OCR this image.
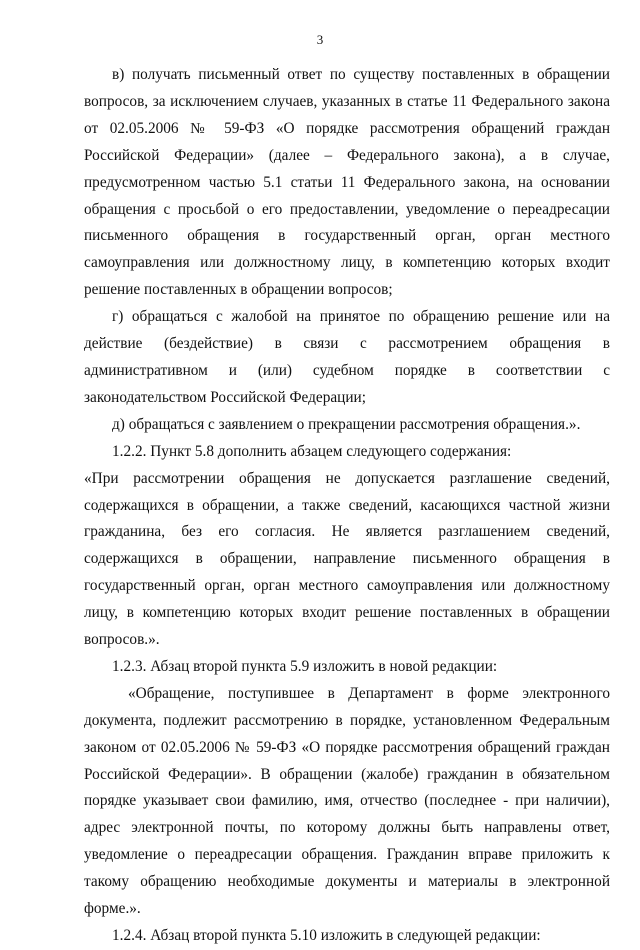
3

в) получать письменный ответ по существу поставленных в обращении вопросов, за исключением случаев, указанных в статье 11 Федерального закона от 02.05.2006 № 59-ФЗ «О порядке рассмотрения обращений граждан Российской Федерации» (далее – Федерального закона), а в случае, предусмотренном частью 5.1 статьи 11 Федерального закона, на основании обращения с просьбой о его предоставлении, уведомление о переадресации письменного обращения в государственный орган, орган местного самоуправления или должностному лицу, в компетенцию которых входит решение поставленных в обращении вопросов;

г) обращаться с жалобой на принятое по обращению решение или на действие (бездействие) в связи с рассмотрением обращения в административном и (или) судебном порядке в соответствии с законодательством Российской Федерации;

д) обращаться с заявлением о прекращении рассмотрения обращения.».

1.2.2. Пункт 5.8 дополнить абзацем следующего содержания:

«При рассмотрении обращения не допускается разглашение сведений, содержащихся в обращении, а также сведений, касающихся частной жизни гражданина, без его согласия. Не является разглашением сведений, содержащихся в обращении, направление письменного обращения в государственный орган, орган местного самоуправления или должностному лицу, в компетенцию которых входит решение поставленных в обращении вопросов.».

1.2.3. Абзац второй пункта 5.9 изложить в новой редакции:

«Обращение, поступившее в Департамент в форме электронного документа, подлежит рассмотрению в порядке, установленном Федеральным законом от 02.05.2006 № 59-ФЗ «О порядке рассмотрения обращений граждан Российской Федерации». В обращении (жалобе) гражданин в обязательном порядке указывает свои фамилию, имя, отчество (последнее - при наличии), адрес электронной почты, по которому должны быть направлены ответ, уведомление о переадресации обращения. Гражданин вправе приложить к такому обращению необходимые документы и материалы в электронной форме.».

1.2.4. Абзац второй пункта 5.10 изложить в следующей редакции:
